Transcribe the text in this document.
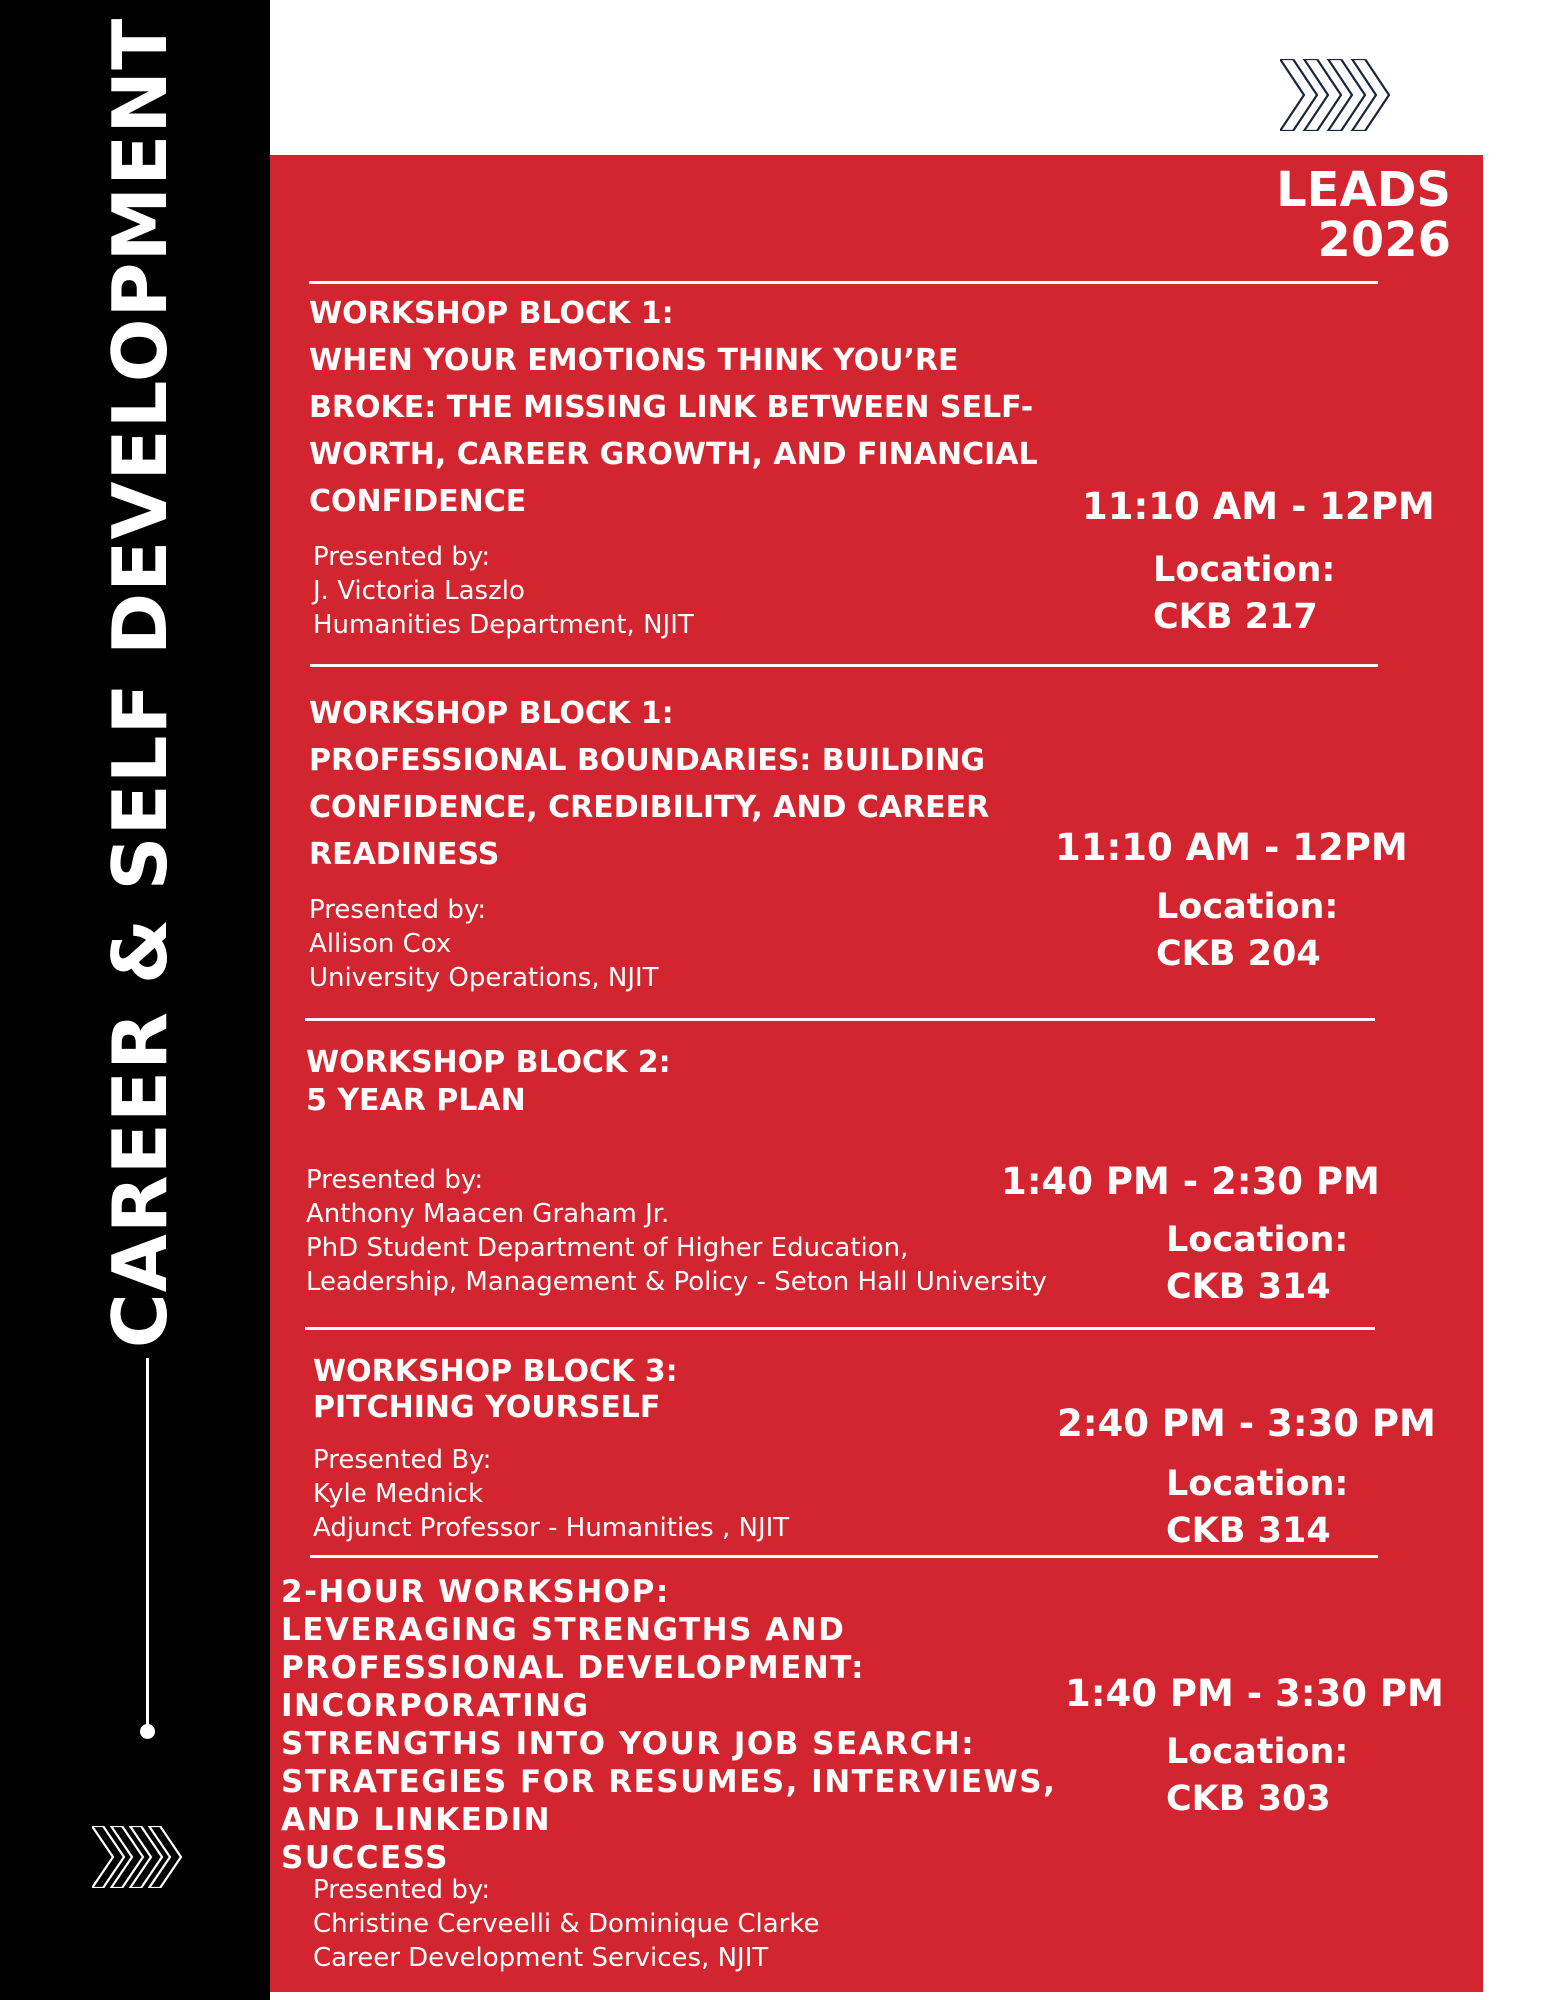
CAREER & SELF DEVELOPMENT	LEADS
2026
WORKSHOP BLOCK 1:
WHEN YOUR EMOTIONS THINK YOU’RE
BROKE: THE MISSING LINK BETWEEN SELF-
WORTH, CAREER GROWTH, AND FINANCIAL
CONFIDENCE	11:10 AM - 12PM
Presented by:
J. Victoria Laszlo
Humanities Department, NJIT
Location:
CKB 217
WORKSHOP BLOCK 1:
PROFESSIONAL BOUNDARIES: BUILDING
CONFIDENCE, CREDIBILITY, AND CAREER
READINESS	11:10 AM - 12PM
Presented by:
Allison Cox
University Operations, NJIT
Location:
CKB 204
WORKSHOP BLOCK 2:
5 YEAR PLAN
1:40 PM - 2:30 PM
Presented by:
Anthony Maacen Graham Jr.
PhD Student Department of Higher Education,
Leadership, Management & Policy - Seton Hall University
Location:
CKB 314
WORKSHOP BLOCK 3:
PITCHING YOURSELF	2:40 PM - 3:30 PM
Presented By:
Kyle Mednick
Adjunct Professor - Humanities , NJIT
Location:
CKB 314
2-HOUR WORKSHOP:
LEVERAGING STRENGTHS AND
PROFESSIONAL DEVELOPMENT:
INCORPORATING
STRENGTHS INTO YOUR JOB SEARCH:
STRATEGIES FOR RESUMES, INTERVIEWS,
AND LINKEDIN
SUCCESS
1:40 PM - 3:30 PM
Location:
CKB 303
Presented by:
Christine Cerveelli & Dominique Clarke
Career Development Services, NJIT
